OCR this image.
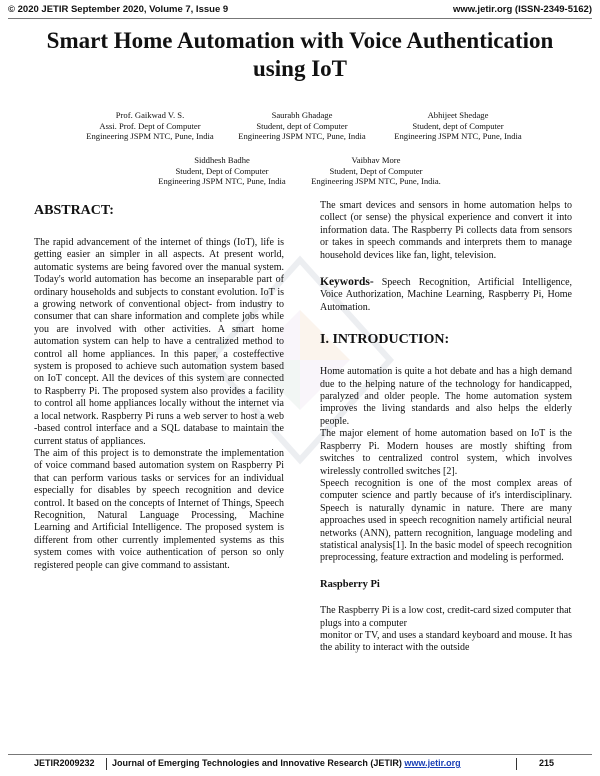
© 2020 JETIR September 2020, Volume 7, Issue 9	www.jetir.org (ISSN-2349-5162)
Smart Home Automation with Voice Authentication
using IoT
Prof. Gaikwad V. S.
Assi. Prof. Dept of Computer
Engineering JSPM NTC, Pune, India
Saurabh Ghadage
Student, dept of Computer
Engineering JSPM NTC, Pune, India
Abhijeet Shedage
Student, dept of Computer
Engineering JSPM NTC, Pune, India
Siddhesh Badhe
Student, Dept of Computer
Engineering JSPM NTC, Pune, India
Vaibhav More
Student, Dept of Computer
Engineering JSPM NTC, Pune, India.
ABSTRACT:

The rapid advancement of the internet of things (IoT), life is getting easier an simpler in all aspects. At present world, automatic systems are being favored over the manual system. Today's world automation has become an inseparable part of ordinary households and subjects to constant evolution. IoT is a growing network of conventional object- from industry to consumer that can share information and complete jobs while you are involved with other activities. A smart home automation system can help to have a centralized method to control all home appliances. In this paper, a costeffective system is proposed to achieve such automation system based on IoT concept. All the devices of this system are connected to Raspberry Pi. The proposed system also provides a facility to control all home appliances locally without the internet via a local network. Raspberry Pi runs a web server to host a web -based control interface and a SQL database to maintain the current status of appliances.

The aim of this project is to demonstrate the implementation of voice command based automation system on Raspberry Pi that can perform various tasks or services for an individual especially for disables by speech recognition and device control. It based on the concepts of Internet of Things, Speech Recognition, Natural Language Processing, Machine Learning and Artificial Intelligence. The proposed system is different from other currently implemented systems as this system comes with voice authentication of person so only registered people can give command to assistant.

The smart devices and sensors in home automation helps to collect (or sense) the physical experience and convert it into information data. The Raspberry Pi collects data from sensors or takes in speech commands and interprets them to manage household devices like fan, light, television.

Keywords- Speech Recognition, Artificial Intelligence, Voice Authorization, Machine Learning, Raspberry Pi, Home Automation.

I. INTRODUCTION:

Home automation is quite a hot debate and has a high demand due to the helping nature of the technology for handicapped, paralyzed and older people. The home automation system improves the living standards and also helps the elderly people.

The major element of home automation based on IoT is the Raspberry Pi. Modern houses are mostly shifting from switches to centralized control system, which involves wirelessly controlled switches [2].

Speech recognition is one of the most complex areas of computer science and partly because of it's interdisciplinary. Speech is naturally dynamic in nature. There are many approaches used in speech recognition namely artificial neural networks (ANN), pattern recognition, language modeling and statistical analysis[1]. In the basic model of speech recognition preprocessing, feature extraction and modeling is performed.

Raspberry Pi

The Raspberry Pi is a low cost, credit-card sized computer that plugs into a computer

monitor or TV, and uses a standard keyboard and mouse. It has the ability to interact with the outside

JETIR2009232 Journal of Emerging Technologies and Innovative Research (JETIR) www.jetir.org	215
